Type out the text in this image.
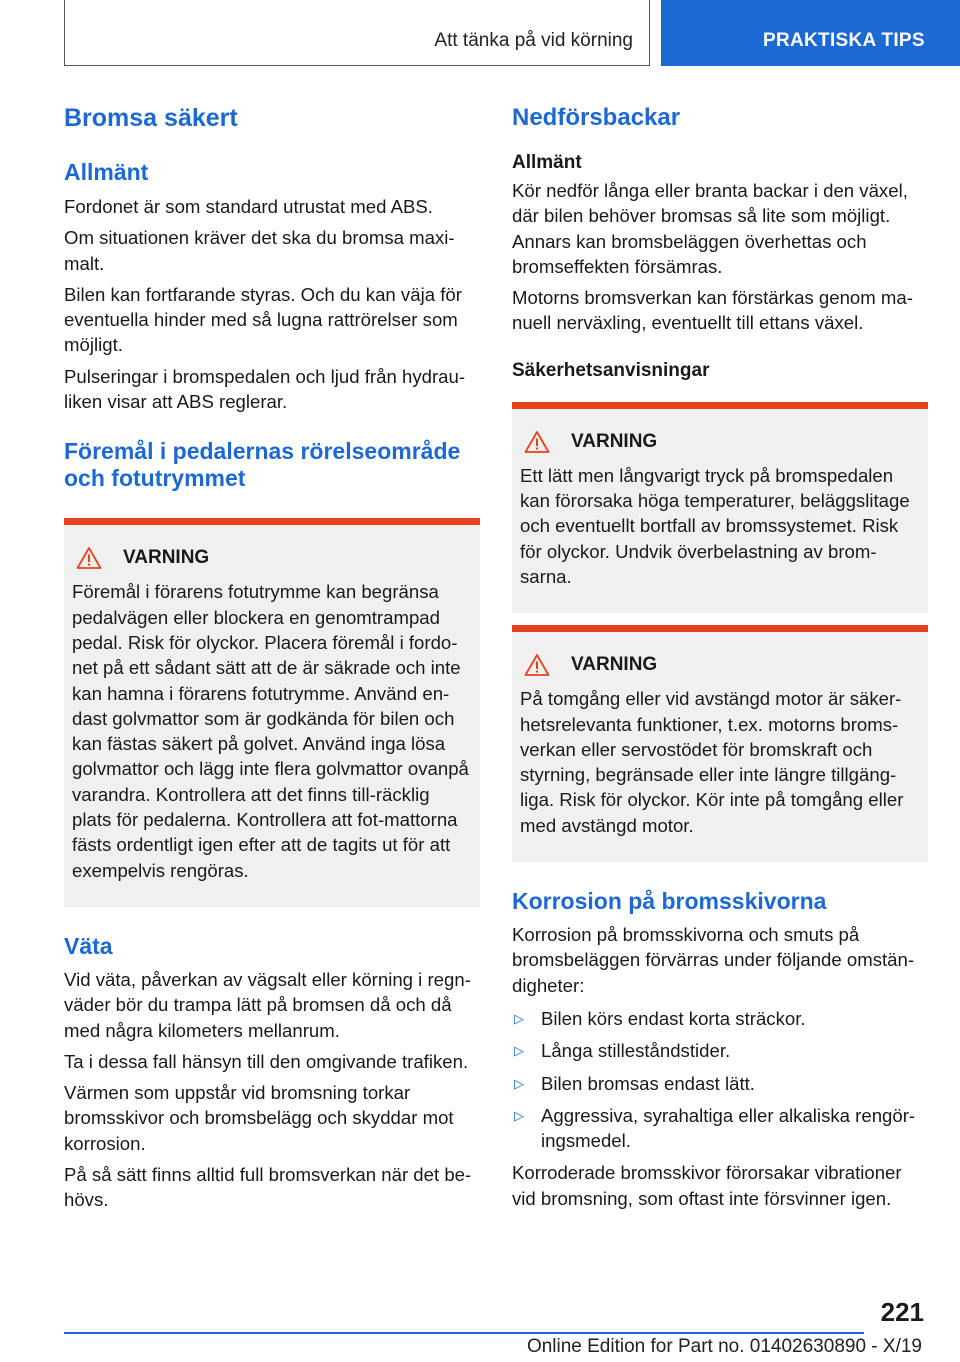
Att tänka på vid körning	PRAKTISKA TIPS
Bromsa säkert
Allmänt

Fordonet är som standard utrustat med ABS.

Om situationen kräver det ska du bromsa maxi-malt.

Bilen kan fortfarande styras. Och du kan väja för eventuella hinder med så lugna rattrörelser som möjligt.

Pulseringar i bromspedalen och ljud från hydrau-liken visar att ABS reglerar.

Föremål i pedalernas rörelseområde och fotutrymmet
VARNING

Föremål i förarens fotutrymme kan begränsa pedalvägen eller blockera en genomtrampad pedal. Risk för olyckor. Placera föremål i fordo-net på ett sådant sätt att de är säkrade och inte kan hamna i förarens fotutrymme. Använd en-dast golvmattor som är godkända för bilen och kan fästas säkert på golvet. Använd inga lösa golvmattor och lägg inte flera golvmattor ovanpå varandra. Kontrollera att det finns till-räcklig plats för pedalerna. Kontrollera att fot-mattorna fästs ordentligt igen efter att de tagits ut för att exempelvis rengöras.

Väta

Vid väta, påverkan av vägsalt eller körning i regn-väder bör du trampa lätt på bromsen då och då med några kilometers mellanrum.

Ta i dessa fall hänsyn till den omgivande trafiken.

Värmen som uppstår vid bromsning torkar bromsskivor och bromsbelägg och skyddar mot korrosion.

På så sätt finns alltid full bromsverkan när det be-hövs.

Nedförsbackar
Allmänt

Kör nedför långa eller branta backar i den växel, där bilen behöver bromsas så lite som möjligt. Annars kan bromsbeläggen överhettas och bromseffekten försämras.

Motorns bromsverkan kan förstärkas genom ma-nuell nerväxling, eventuellt till ettans växel.

Säkerhetsanvisningar
VARNING

Ett lätt men långvarigt tryck på bromspedalen kan förorsaka höga temperaturer, beläggslitage och eventuellt bortfall av bromssystemet. Risk för olyckor. Undvik överbelastning av brom-sarna.

VARNING

På tomgång eller vid avstängd motor är säker-hetsrelevanta funktioner, t.ex. motorns broms-verkan eller servostödet för bromskraft och styrning, begränsade eller inte längre tillgäng-liga. Risk för olyckor. Kör inte på tomgång eller med avstängd motor.

Korrosion på bromsskivorna

Korrosion på bromsskivorna och smuts på bromsbeläggen förvärras under följande omstän-digheter:

▷ Bilen körs endast korta sträckor.
▷ Långa stilleståndstider.
▷ Bilen bromsas endast lätt.
▷ Aggressiva, syrahaltiga eller alkaliska rengör-ingsmedel.

Korroderade bromsskivor förorsakar vibrationer vid bromsning, som oftast inte försvinner igen.

221
Online Edition for Part no. 01402630890 - X/19
